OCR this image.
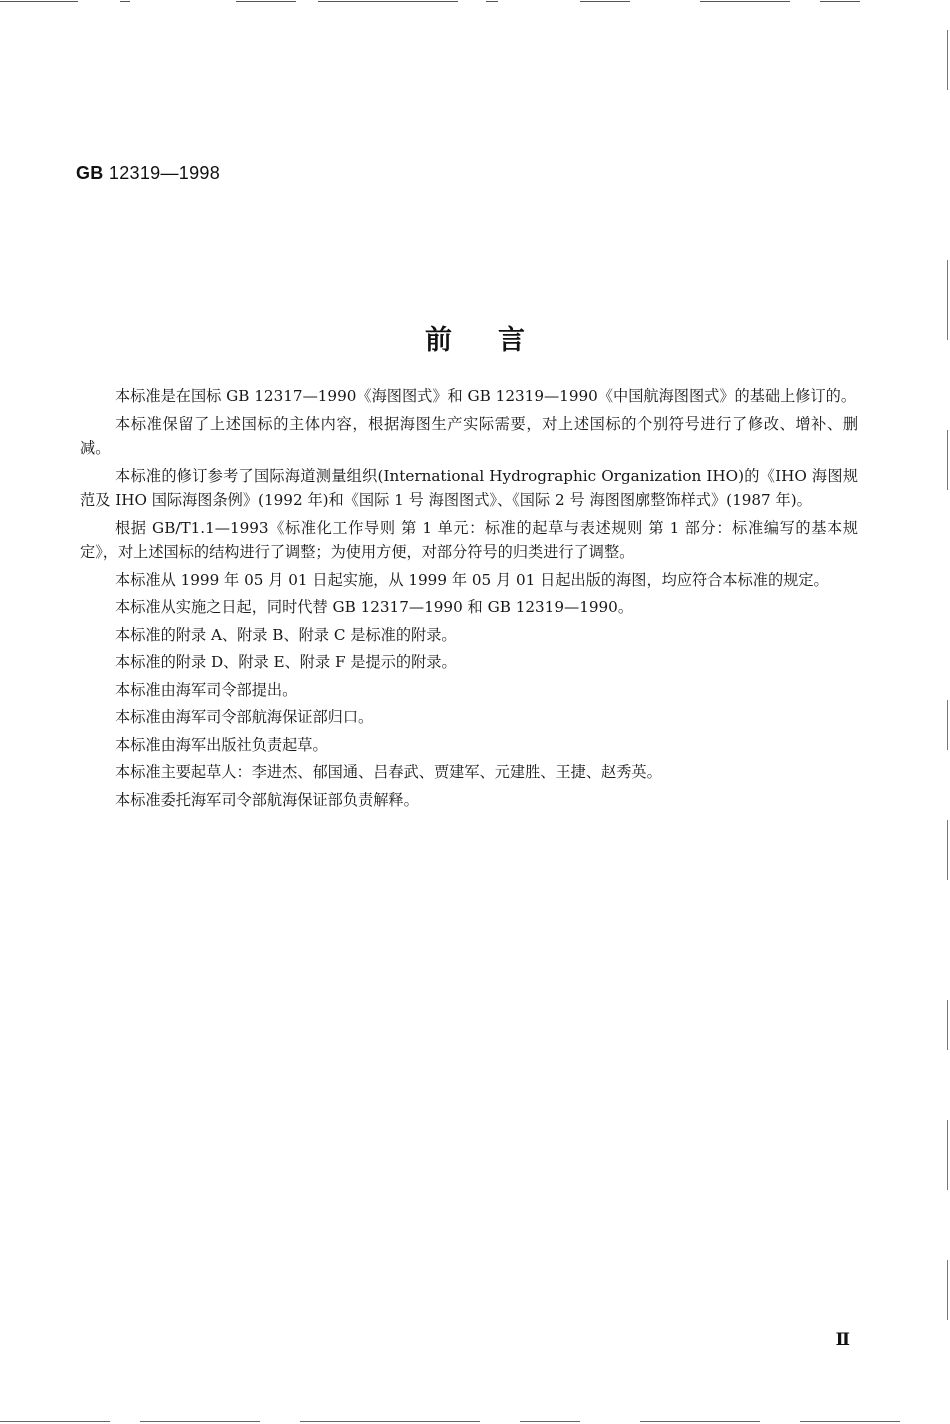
GB 12319—1998
前言

本标准是在国标 GB 12317—1990《海图图式》和 GB 12319—1990《中国航海图图式》的基础上修订的。

本标准保留了上述国标的主体内容，根据海图生产实际需要，对上述国标的个别符号进行了修改、增补、删减。

本标准的修订参考了国际海道测量组织(International Hydrographic Organization IHO)的《IHO 海图规范及 IHO 国际海图条例》(1992 年)和《国际 1 号 海图图式》、《国际 2 号 海图图廓整饰样式》(1987 年)。

根据 GB/T1.1—1993《标准化工作导则 第 1 单元：标准的起草与表述规则 第 1 部分：标准编写的基本规定》，对上述国标的结构进行了调整；为使用方便，对部分符号的归类进行了调整。

本标准从 1999 年 05 月 01 日起实施，从 1999 年 05 月 01 日起出版的海图，均应符合本标准的规定。

本标准从实施之日起，同时代替 GB 12317—1990 和 GB 12319—1990。

本标准的附录 A、附录 B、附录 C 是标准的附录。

本标准的附录 D、附录 E、附录 F 是提示的附录。

本标准由海军司令部提出。

本标准由海军司令部航海保证部归口。

本标准由海军出版社负责起草。

本标准主要起草人：李进杰、郁国通、吕春武、贾建军、元建胜、王捷、赵秀英。

本标准委托海军司令部航海保证部负责解释。

Ⅱ
